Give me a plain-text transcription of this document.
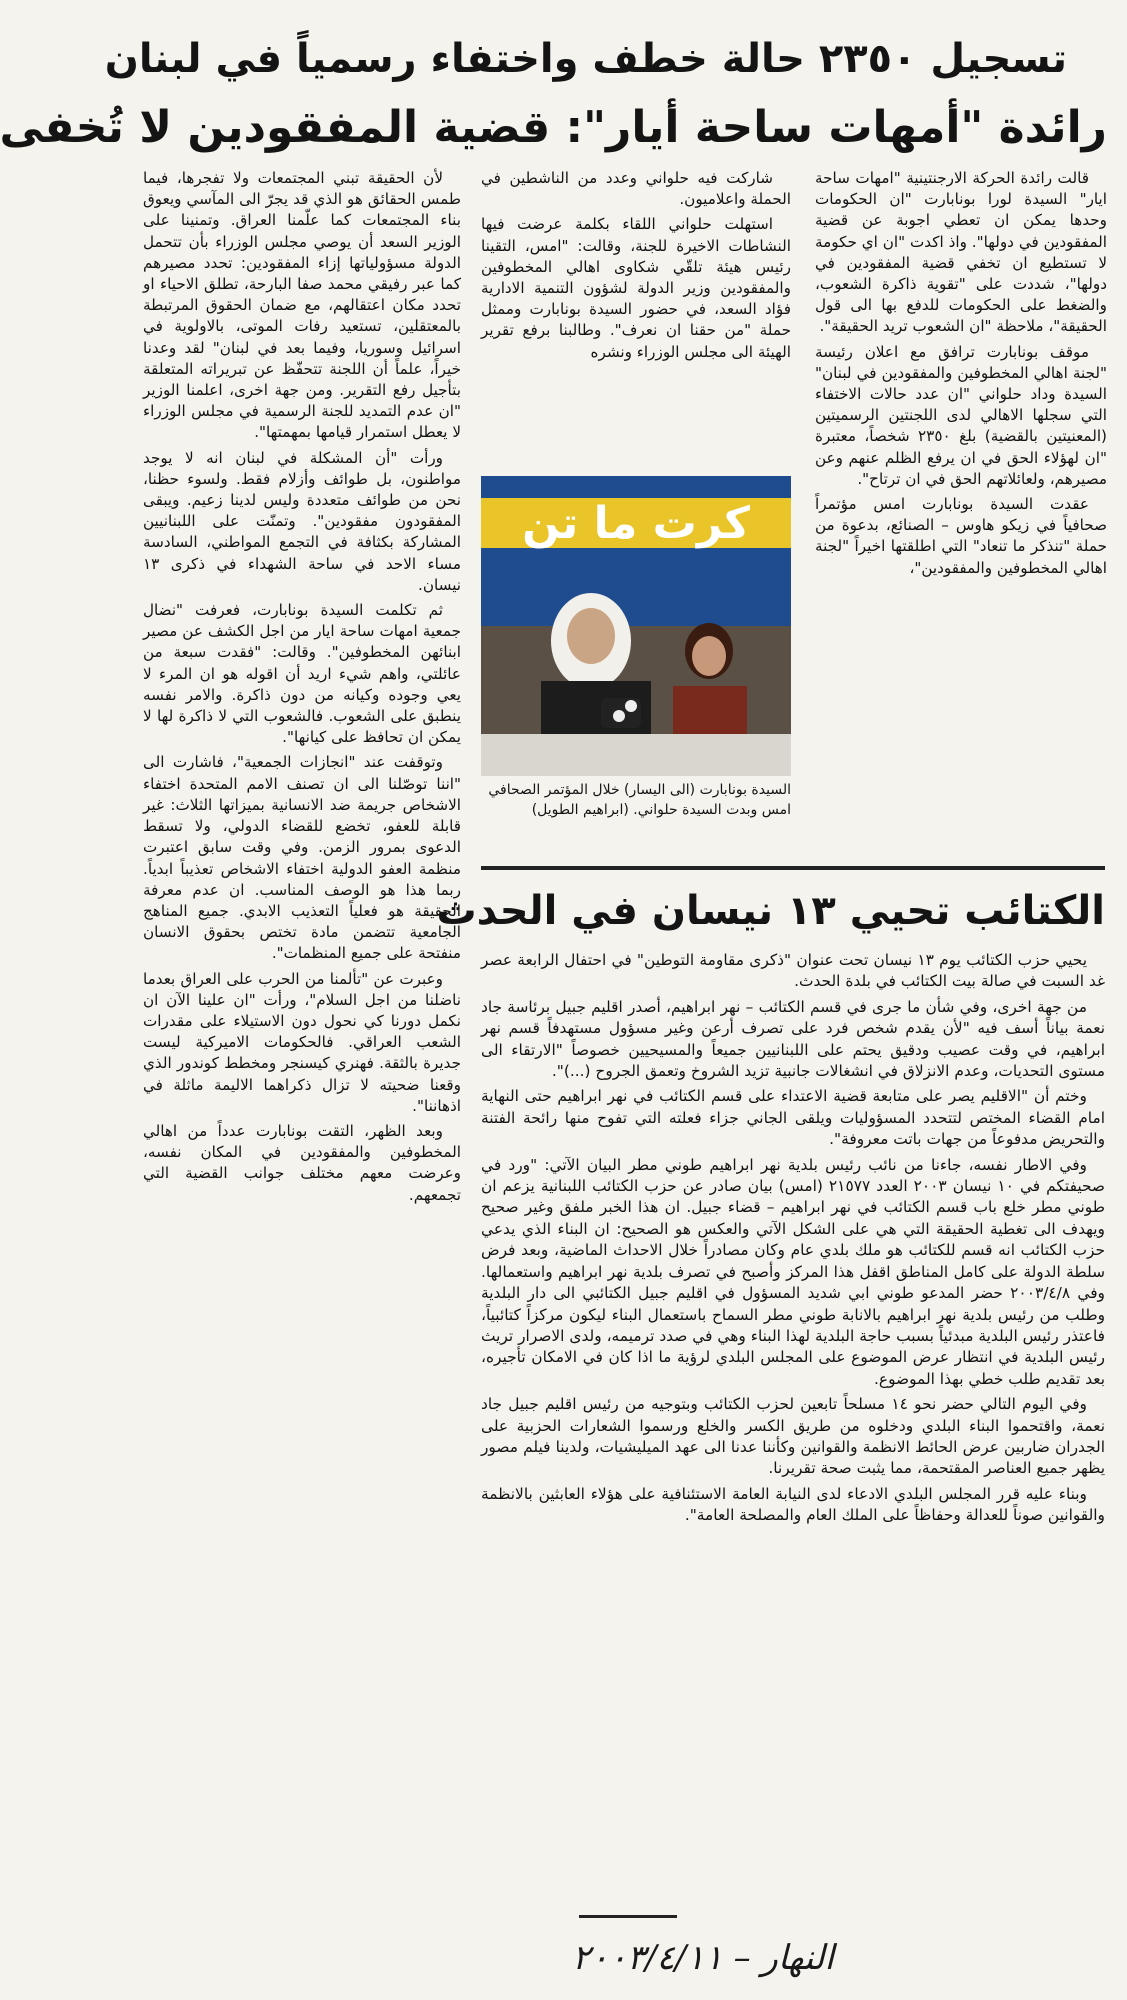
تسجيل ٢٣٥٠ حالة خطف واختفاء رسمياً في لبنان
رائدة "أمهات ساحة أيار": قضية المفقودين لا تُخفى

قالت رائدة الحركة الارجنتينية "امهات ساحة ايار" السيدة لورا بونابارت "ان الحكومات وحدها يمكن ان تعطي اجوبة عن قضية المفقودين في دولها". واذ اكدت "ان اي حكومة لا تستطيع ان تخفي قضية المفقودين في دولها"، شددت على "تقوية ذاكرة الشعوب، والضغط على الحكومات للدفع بها الى قول الحقيقة"، ملاحظة "ان الشعوب تريد الحقيقة".

موقف بونابارت ترافق مع اعلان رئيسة "لجنة اهالي المخطوفين والمفقودين في لبنان" السيدة وداد حلواني "ان عدد حالات الاختفاء التي سجلها الاهالي لدى اللجنتين الرسميتين (المعنيتين بالقضية) بلغ ٢٣٥٠ شخصاً، معتبرة "ان لهؤلاء الحق في ان يرفع الظلم عنهم وعن مصيرهم، ولعائلاتهم الحق في ان ترتاح".

عقدت السيدة بونابارت امس مؤتمراً صحافياً في زيكو هاوس – الصنائع، بدعوة من حملة "تنذكر ما تنعاد" التي اطلقتها اخيراً "لجنة اهالي المخطوفين والمفقودين"،

شاركت فيه حلواني وعدد من الناشطين في الحملة واعلاميون.

استهلت حلواني اللقاء بكلمة عرضت فيها النشاطات الاخيرة للجنة، وقالت: "امس، التقينا رئيس هيئة تلقّي شكاوى اهالي المخطوفين والمفقودين وزير الدولة لشؤون التنمية الادارية فؤاد السعد، في حضور السيدة بونابارت وممثل حملة "من حقنا ان نعرف". وطالبنا برفع تقرير الهيئة الى مجلس الوزراء ونشره

كرت ما تن
السيدة بونابارت (الى اليسار) خلال المؤتمر الصحافي امس وبدت السيدة حلواني. (ابراهيم الطويل)

لأن الحقيقة تبني المجتمعات ولا تفجرها، فيما طمس الحقائق هو الذي قد يجرّ الى المآسي ويعوق بناء المجتمعات كما علّمنا العراق. وتمنينا على الوزير السعد أن يوصي مجلس الوزراء بأن تتحمل الدولة مسؤولياتها إزاء المفقودين: تحدد مصيرهم كما عبر رفيقي محمد صفا البارحة، تطلق الاحياء او تحدد مكان اعتقالهم، مع ضمان الحقوق المرتبطة بالمعتقلين، تستعيد رفات الموتى، بالاولوية في اسرائيل وسوريا، وفيما بعد في لبنان" لقد وعدنا خيراً، علماً أن اللجنة تتحفّظ عن تبريراته المتعلقة بتأجيل رفع التقرير. ومن جهة اخرى، اعلمنا الوزير "ان عدم التمديد للجنة الرسمية في مجلس الوزراء لا يعطل استمرار قيامها بمهمتها".

ورأت "أن المشكلة في لبنان انه لا يوجد مواطنون، بل طوائف وأزلام فقط. ولسوء حظنا، نحن من طوائف متعددة وليس لدينا زعيم. ويبقى المفقودون مفقودين". وتمنّت على اللبنانيين المشاركة بكثافة في التجمع المواطني، السادسة مساء الاحد في ساحة الشهداء في ذكرى ١٣ نيسان.

ثم تكلمت السيدة بونابارت، فعرفت "نضال جمعية امهات ساحة ايار من اجل الكشف عن مصير ابنائهن المخطوفين". وقالت: "فقدت سبعة من عائلتي، واهم شيء اريد أن اقوله هو ان المرء لا يعي وجوده وكيانه من دون ذاكرة. والامر نفسه ينطبق على الشعوب. فالشعوب التي لا ذاكرة لها لا يمكن ان تحافظ على كيانها".

وتوقفت عند "انجازات الجمعية"، فاشارت الى "اننا توصّلنا الى ان تصنف الامم المتحدة اختفاء الاشخاص جريمة ضد الانسانية بميزاتها الثلاث: غير قابلة للعفو، تخضع للقضاء الدولي، ولا تسقط الدعوى بمرور الزمن. وفي وقت سابق اعتبرت منظمة العفو الدولية اختفاء الاشخاص تعذيباً ابدياً. ربما هذا هو الوصف المناسب. ان عدم معرفة الحقيقة هو فعلياً التعذيب الابدي. جميع المناهج الجامعية تتضمن مادة تختص بحقوق الانسان منفتحة على جميع المنظمات".

وعبرت عن "تألمنا من الحرب على العراق بعدما ناضلنا من اجل السلام"، ورأت "ان علينا الآن ان نكمل دورنا كي نحول دون الاستيلاء على مقدرات الشعب العراقي. فالحكومات الاميركية ليست جديرة بالثقة. فهنري كيسنجر ومخطط كوندور الذي وقعنا ضحيته لا تزال ذكراهما الاليمة ماثلة في اذهاننا".

وبعد الظهر، التقت بونابارت عدداً من اهالي المخطوفين والمفقودين في المكان نفسه، وعرضت معهم مختلف جوانب القضية التي تجمعهم.

الكتائب تحيي ١٣ نيسان في الحدث

يحيي حزب الكتائب يوم ١٣ نيسان تحت عنوان "ذكرى مقاومة التوطين" في احتفال الرابعة عصر غد السبت في صالة بيت الكتائب في بلدة الحدث.

من جهة اخرى، وفي شأن ما جرى في قسم الكتائب – نهر ابراهيم، أصدر اقليم جبيل برئاسة جاد نعمة بياناً أسف فيه "لأن يقدم شخص فرد على تصرف أرعن وغير مسؤول مستهدفاً قسم نهر ابراهيم، في وقت عصيب ودقيق يحتم على اللبنانيين جميعاً والمسيحيين خصوصاً "الارتقاء الى مستوى التحديات، وعدم الانزلاق في انشغالات جانبية تزيد الشروخ وتعمق الجروح (...)".

وختم أن "الاقليم يصر على متابعة قضية الاعتداء على قسم الكتائب في نهر ابراهيم حتى النهاية امام القضاء المختص لتتحدد المسؤوليات ويلقى الجاني جزاء فعلته التي تفوح منها رائحة الفتنة والتحريض مدفوعاً من جهات باتت معروفة".

وفي الاطار نفسه، جاءنا من نائب رئيس بلدية نهر ابراهيم طوني مطر البيان الآتي: "ورد في صحيفتكم في ١٠ نيسان ٢٠٠٣ العدد ٢١٥٧٧ (امس) بيان صادر عن حزب الكتائب اللبنانية يزعم ان طوني مطر خلع باب قسم الكتائب في نهر ابراهيم – قضاء جبيل. ان هذا الخبر ملفق وغير صحيح ويهدف الى تغطية الحقيقة التي هي على الشكل الآتي والعكس هو الصحيح: ان البناء الذي يدعي حزب الكتائب انه قسم للكتائب هو ملك بلدي عام وكان مصادراً خلال الاحداث الماضية، وبعد فرض سلطة الدولة على كامل المناطق اقفل هذا المركز وأصبح في تصرف بلدية نهر ابراهيم واستعمالها. وفي ٢٠٠٣/٤/٨ حضر المدعو طوني ابي شديد المسؤول في اقليم جبيل الكتائبي الى دار البلدية وطلب من رئيس بلدية نهر ابراهيم بالانابة طوني مطر السماح باستعمال البناء ليكون مركزاً كتائبياً، فاعتذر رئيس البلدية مبدئياً بسبب حاجة البلدية لهذا البناء وهي في صدد ترميمه، ولدى الاصرار تريث رئيس البلدية في انتظار عرض الموضوع على المجلس البلدي لرؤية ما اذا كان في الامكان تأجيره، بعد تقديم طلب خطي بهذا الموضوع.

وفي اليوم التالي حضر نحو ١٤ مسلحاً تابعين لحزب الكتائب وبتوجيه من رئيس اقليم جبيل جاد نعمة، واقتحموا البناء البلدي ودخلوه من طريق الكسر والخلع ورسموا الشعارات الحزبية على الجدران ضاربين عرض الحائط الانظمة والقوانين وكأننا عدنا الى عهد الميليشيات، ولدينا فيلم مصور يظهر جميع العناصر المقتحمة، مما يثبت صحة تقريرنا.

وبناء عليه قرر المجلس البلدي الادعاء لدى النيابة العامة الاستئنافية على هؤلاء العابثين بالانظمة والقوانين صوناً للعدالة وحفاظاً على الملك العام والمصلحة العامة".

النهار – ٢٠٠٣/٤/١١
